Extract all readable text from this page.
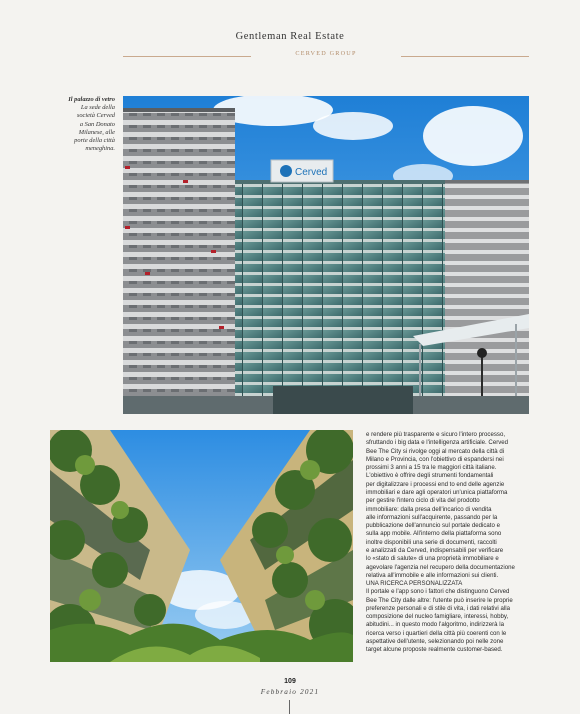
Gentleman Real Estate
CERVED GROUP
Il palazzo di vetro
La sede della
società Cerved
a San Donato
Milanese, alle
porte della città
meneghina.
Cerved

e rendere più trasparente e sicuro l'intero processo,
sfruttando i big data e l'intelligenza artificiale. Cerved
Bee The City si rivolge oggi al mercato della città di
Milano e Provincia, con l'obiettivo di espandersi nei
prossimi 3 anni a 15 tra le maggiori città italiane.
L'obiettivo è offrire degli strumenti fondamentali
per digitalizzare i processi end to end delle agenzie
immobiliari e dare agli operatori un'unica piattaforma
per gestire l'intero ciclo di vita del prodotto
immobiliare: dalla presa dell'incarico di vendita
alle informazioni sull'acquirente, passando per la
pubblicazione dell'annuncio sul portale dedicato e
sulla app mobile. All'interno della piattaforma sono
inoltre disponibili una serie di documenti, raccolti
e analizzati da Cerved, indispensabili per verificare
lo «stato di salute» di una proprietà immobiliare e
agevolare l'agenzia nel recupero della documentazione
relativa all'immobile e alle informazioni sui clienti.

UNA RICERCA PERSONALIZZATA

Il portale e l'app sono i fattori che distinguono Cerved
Bee The City dalle altre: l'utente può inserire le proprie
preferenze personali e di stile di vita, i dati relativi alla
composizione del nucleo famigliare, interessi, hobby,
abitudini... in questo modo l'algoritmo, indirizzerà la
ricerca verso i quartieri della città più coerenti con le
aspettative dell'utente, selezionando poi nelle zone
target alcune proposte realmente customer-based.

109
Febbraio 2021
